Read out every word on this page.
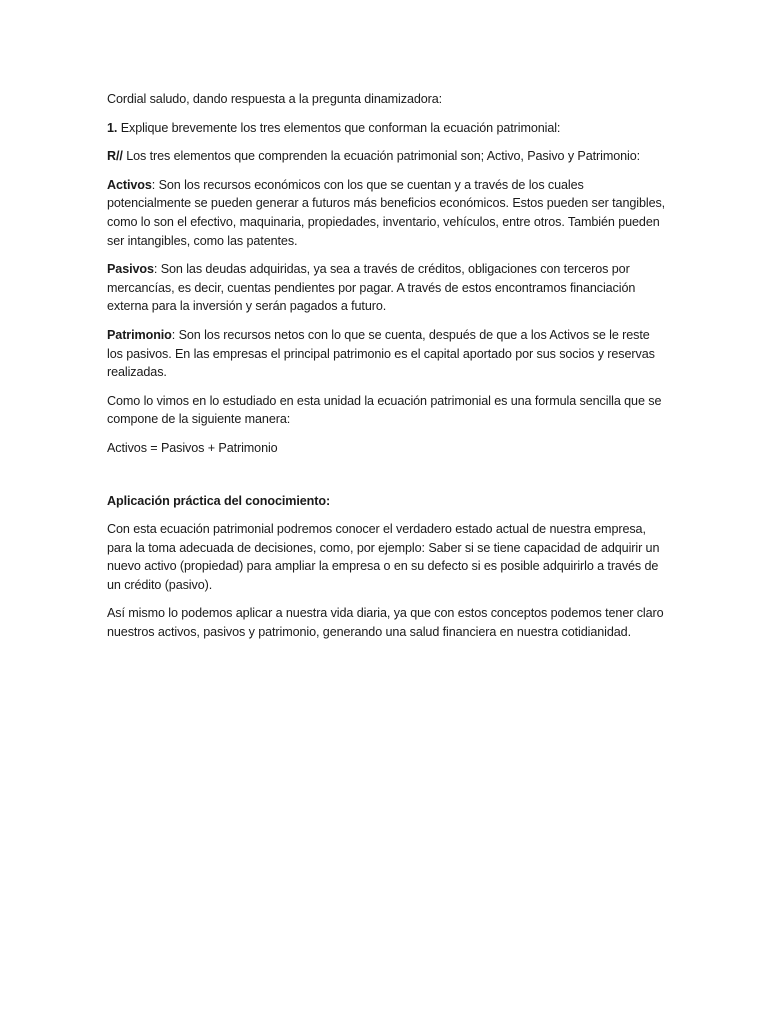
Cordial saludo, dando respuesta a la pregunta dinamizadora:

1. Explique brevemente los tres elementos que conforman la ecuación patrimonial:

R// Los tres elementos que comprenden la ecuación patrimonial son; Activo, Pasivo y Patrimonio:

Activos: Son los recursos económicos con los que se cuentan y a través de los cuales potencialmente se pueden generar a futuros más beneficios económicos. Estos pueden ser tangibles, como lo son el efectivo, maquinaria, propiedades, inventario, vehículos, entre otros. También pueden ser intangibles, como las patentes.

Pasivos: Son las deudas adquiridas, ya sea a través de créditos, obligaciones con terceros por mercancías, es decir, cuentas pendientes por pagar. A través de estos encontramos financiación externa para la inversión y serán pagados a futuro.

Patrimonio: Son los recursos netos con lo que se cuenta, después de que a los Activos se le reste los pasivos. En las empresas el principal patrimonio es el capital aportado por sus socios y reservas realizadas.

Como lo vimos en lo estudiado en esta unidad la ecuación patrimonial es una formula sencilla que se compone de la siguiente manera:

Activos = Pasivos + Patrimonio

Aplicación práctica del conocimiento:

Con esta ecuación patrimonial podremos conocer el verdadero estado actual de nuestra empresa, para la toma adecuada de decisiones, como, por ejemplo: Saber si se tiene capacidad de adquirir un nuevo activo (propiedad) para ampliar la empresa o en su defecto si es posible adquirirlo a través de un crédito (pasivo).

Así mismo lo podemos aplicar a nuestra vida diaria, ya que con estos conceptos podemos tener claro nuestros activos, pasivos y patrimonio, generando una salud financiera en nuestra cotidianidad.
